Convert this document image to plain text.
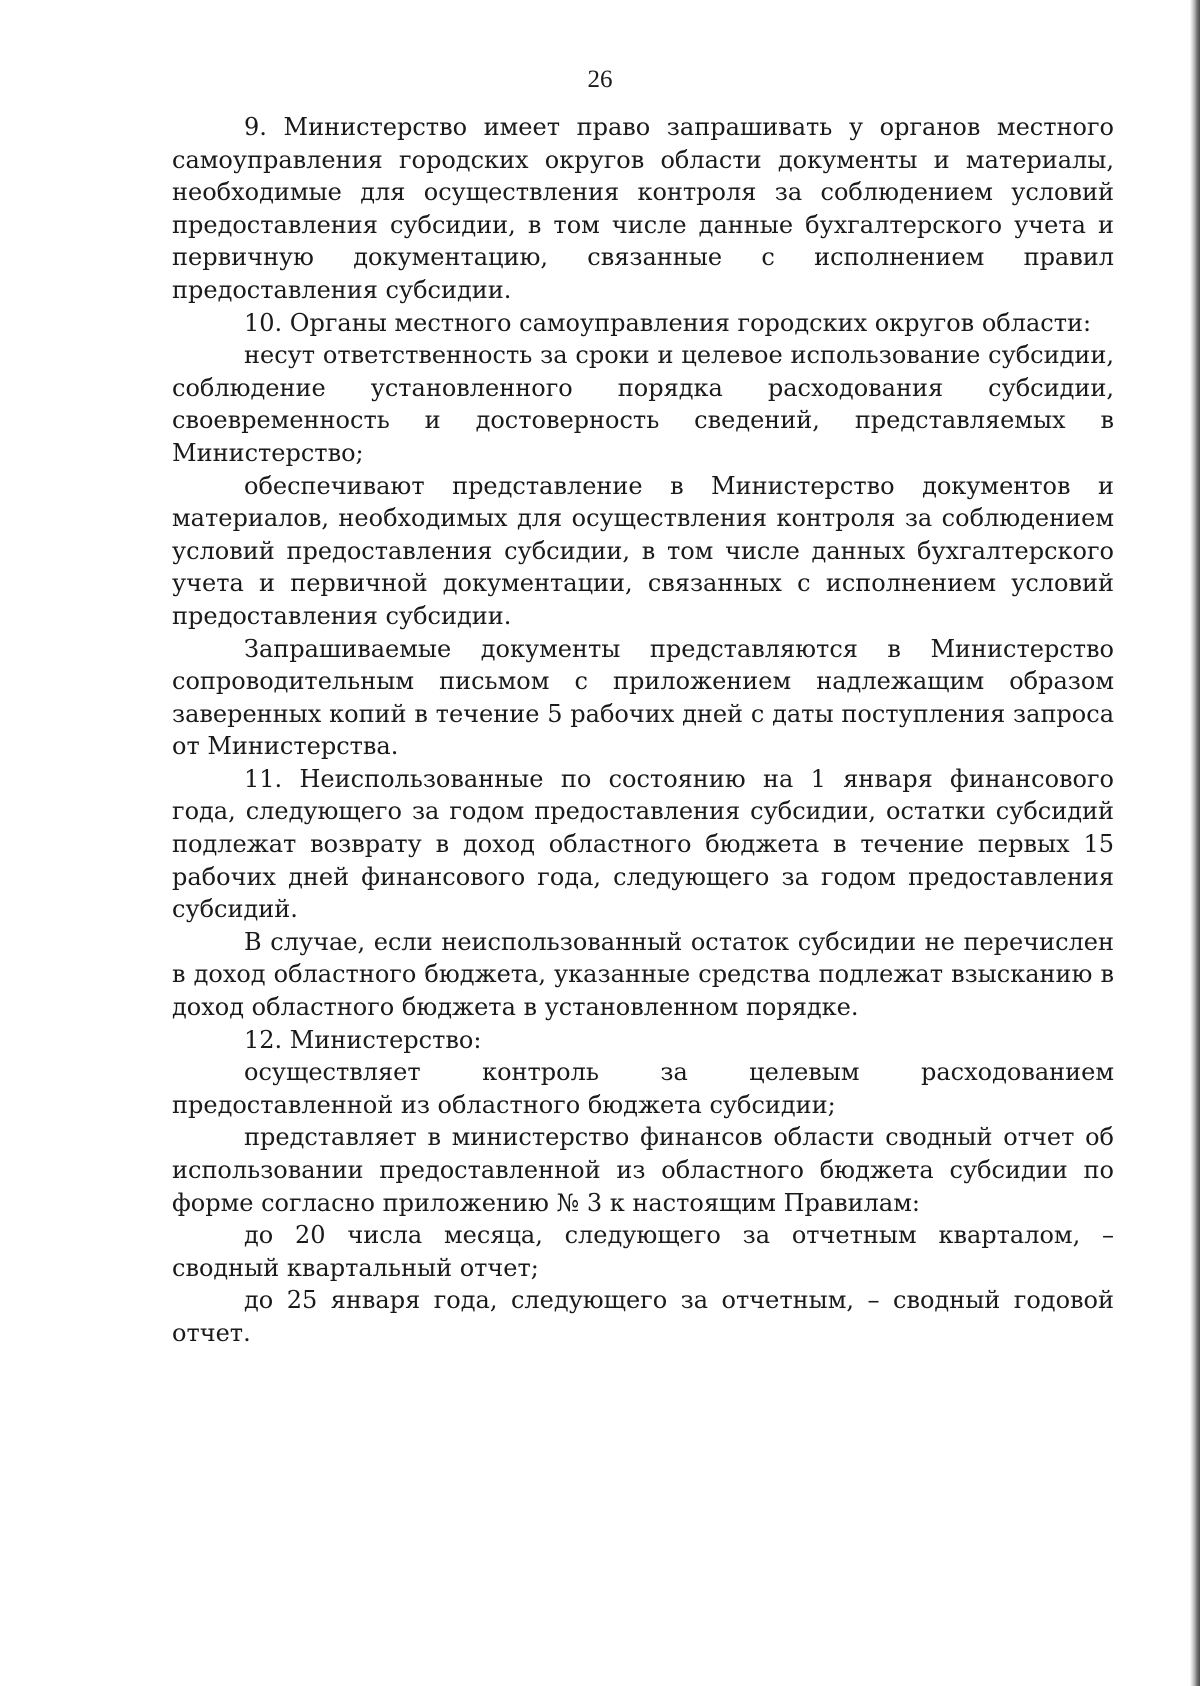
26

9. Министерство имеет право запрашивать у органов местного самоуправления городских округов области документы и материалы, необходимые для осуществления контроля за соблюдением условий предоставления субсидии, в том числе данные бухгалтерского учета и первичную документацию, связанные с исполнением правил предоставления субсидии.

10. Органы местного самоуправления городских округов области:

несут ответственность за сроки и целевое использование субсидии, соблюдение установленного порядка расходования субсидии, своевременность и достоверность сведений, представляемых в Министерство;

обеспечивают представление в Министерство документов и материалов, необходимых для осуществления контроля за соблюдением условий предоставления субсидии, в том числе данных бухгалтерского учета и первичной документации, связанных с исполнением условий предоставления субсидии.

Запрашиваемые документы представляются в Министерство сопроводительным письмом с приложением надлежащим образом заверенных копий в течение 5 рабочих дней с даты поступления запроса от Министерства.

11. Неиспользованные по состоянию на 1 января финансового года, следующего за годом предоставления субсидии, остатки субсидий подлежат возврату в доход областного бюджета в течение первых 15 рабочих дней финансового года, следующего за годом предоставления субсидий.

В случае, если неиспользованный остаток субсидии не перечислен в доход областного бюджета, указанные средства подлежат взысканию в доход областного бюджета в установленном порядке.

12. Министерство:

осуществляет контроль за целевым расходованием предоставленной из областного бюджета субсидии;

представляет в министерство финансов области сводный отчет об использовании предоставленной из областного бюджета субсидии по форме согласно приложению № 3 к настоящим Правилам:

до 20 числа месяца, следующего за отчетным кварталом, – сводный квартальный отчет;

до 25 января года, следующего за отчетным, – сводный годовой отчет.
